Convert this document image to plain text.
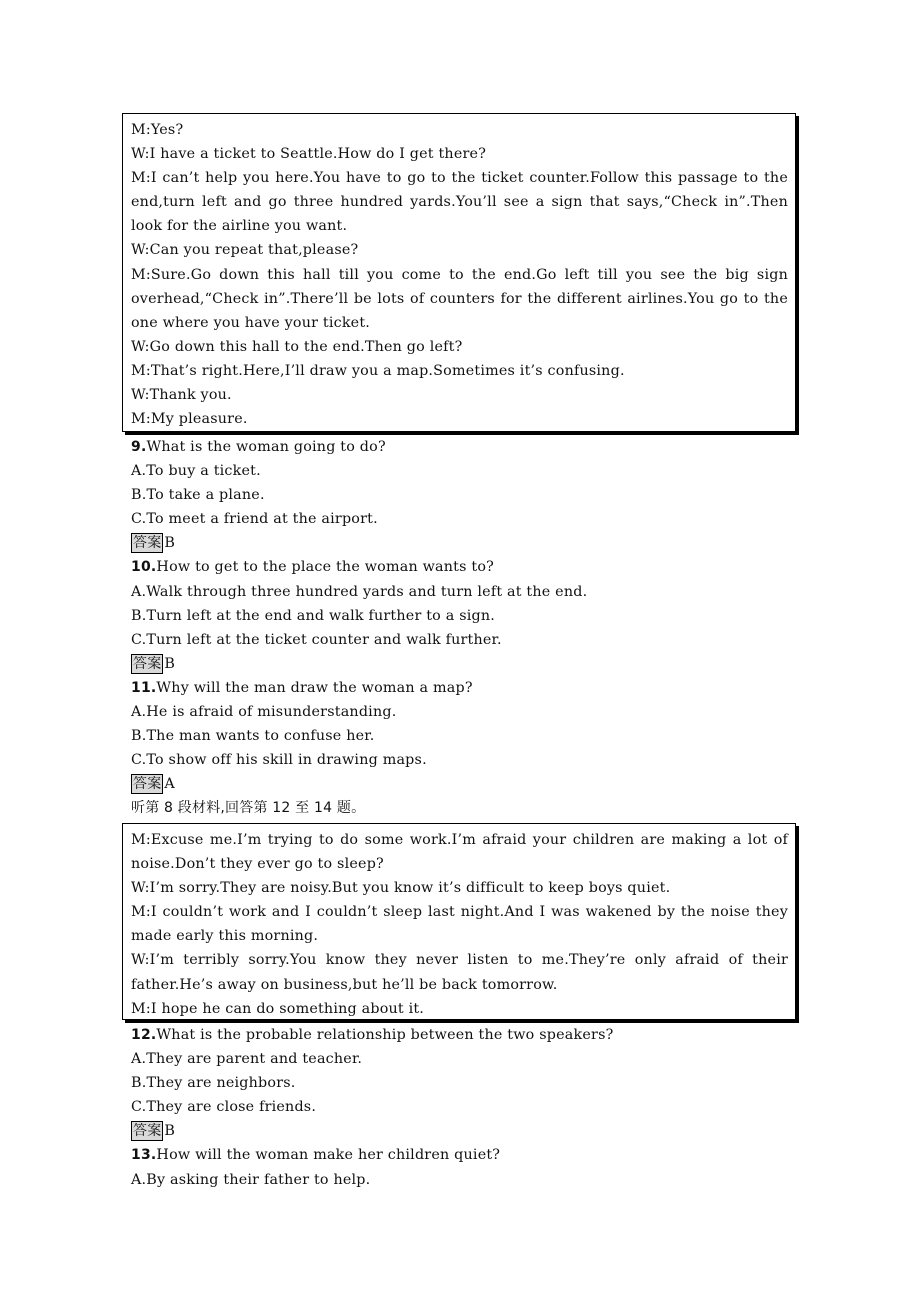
M:Yes?

W:I have a ticket to Seattle.How do I get there?

M:I can’t help you here.You have to go to the ticket counter.Follow this passage to the end,turn left and go three hundred yards.You’ll see a sign that says,“Check in”.Then look for the airline you want.

W:Can you repeat that,please?

M:Sure.Go down this hall till you come to the end.Go left till you see the big sign overhead,“Check in”.There’ll be lots of counters for the different airlines.You go to the one where you have your ticket.

W:Go down this hall to the end.Then go left?

M:That’s right.Here,I’ll draw you a map.Sometimes it’s confusing.

W:Thank you.

M:My pleasure.

9.What is the woman going to do?
A.To buy a ticket.
B.To take a plane.
C.To meet a friend at the airport.
答案 B
10.How to get to the place the woman wants to?
A.Walk through three hundred yards and turn left at the end.
B.Turn left at the end and walk further to a sign.
C.Turn left at the ticket counter and walk further.
答案 B
11.Why will the man draw the woman a map?
A.He is afraid of misunderstanding.
B.The man wants to confuse her.
C.To show off his skill in drawing maps.
答案 A
听第 8 段材料,回答第 12 至 14 题。

M:Excuse me.I’m trying to do some work.I’m afraid your children are making a lot of noise.Don’t they ever go to sleep?

W:I’m sorry.They are noisy.But you know it’s difficult to keep boys quiet.

M:I couldn’t work and I couldn’t sleep last night.And I was wakened by the noise they made early this morning.

W:I’m terribly sorry.You know they never listen to me.They’re only afraid of their father.He’s away on business,but he’ll be back tomorrow.

M:I hope he can do something about it.

12.What is the probable relationship between the two speakers?
A.They are parent and teacher.
B.They are neighbors.
C.They are close friends.
答案 B
13.How will the woman make her children quiet?
A.By asking their father to help.
